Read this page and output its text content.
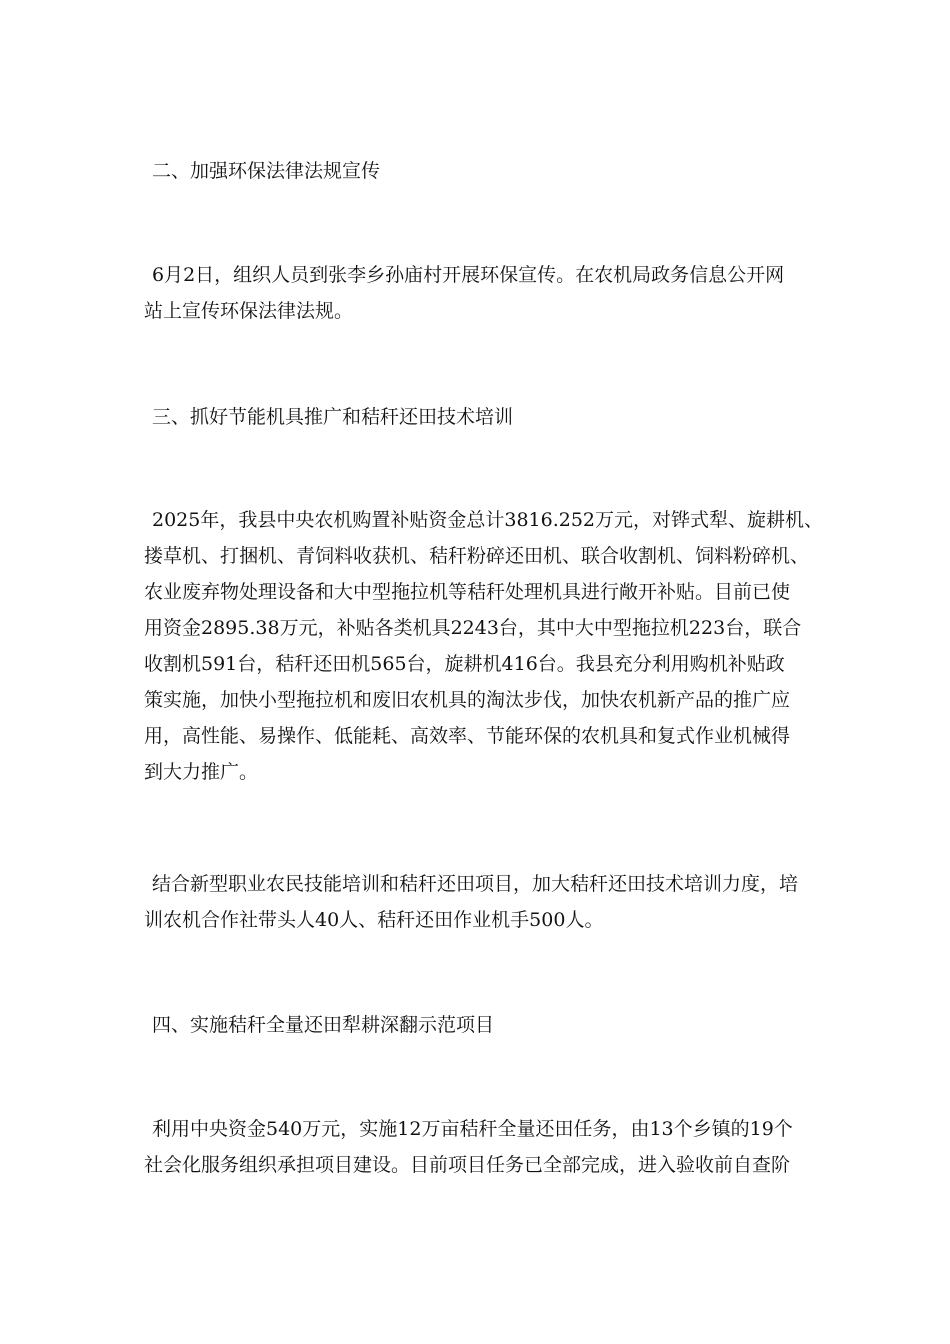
二、加强环保法律法规宣传

6月2日，组织人员到张李乡孙庙村开展环保宣传。在农机局政务信息公开网
站上宣传环保法律法规。

三、抓好节能机具推广和秸秆还田技术培训

2025年，我县中央农机购置补贴资金总计3816.252万元，对铧式犁、旋耕机、
搂草机、打捆机、青饲料收获机、秸秆粉碎还田机、联合收割机、饲料粉碎机、
农业废弃物处理设备和大中型拖拉机等秸秆处理机具进行敞开补贴。目前已使
用资金2895.38万元，补贴各类机具2243台，其中大中型拖拉机223台，联合
收割机591台，秸秆还田机565台，旋耕机416台。我县充分利用购机补贴政
策实施，加快小型拖拉机和废旧农机具的淘汰步伐，加快农机新产品的推广应
用，高性能、易操作、低能耗、高效率、节能环保的农机具和复式作业机械得
到大力推广。

结合新型职业农民技能培训和秸秆还田项目，加大秸秆还田技术培训力度，培
训农机合作社带头人40人、秸秆还田作业机手500人。

四、实施秸秆全量还田犁耕深翻示范项目

利用中央资金540万元，实施12万亩秸秆全量还田任务，由13个乡镇的19个
社会化服务组织承担项目建设。目前项目任务已全部完成，进入验收前自查阶
